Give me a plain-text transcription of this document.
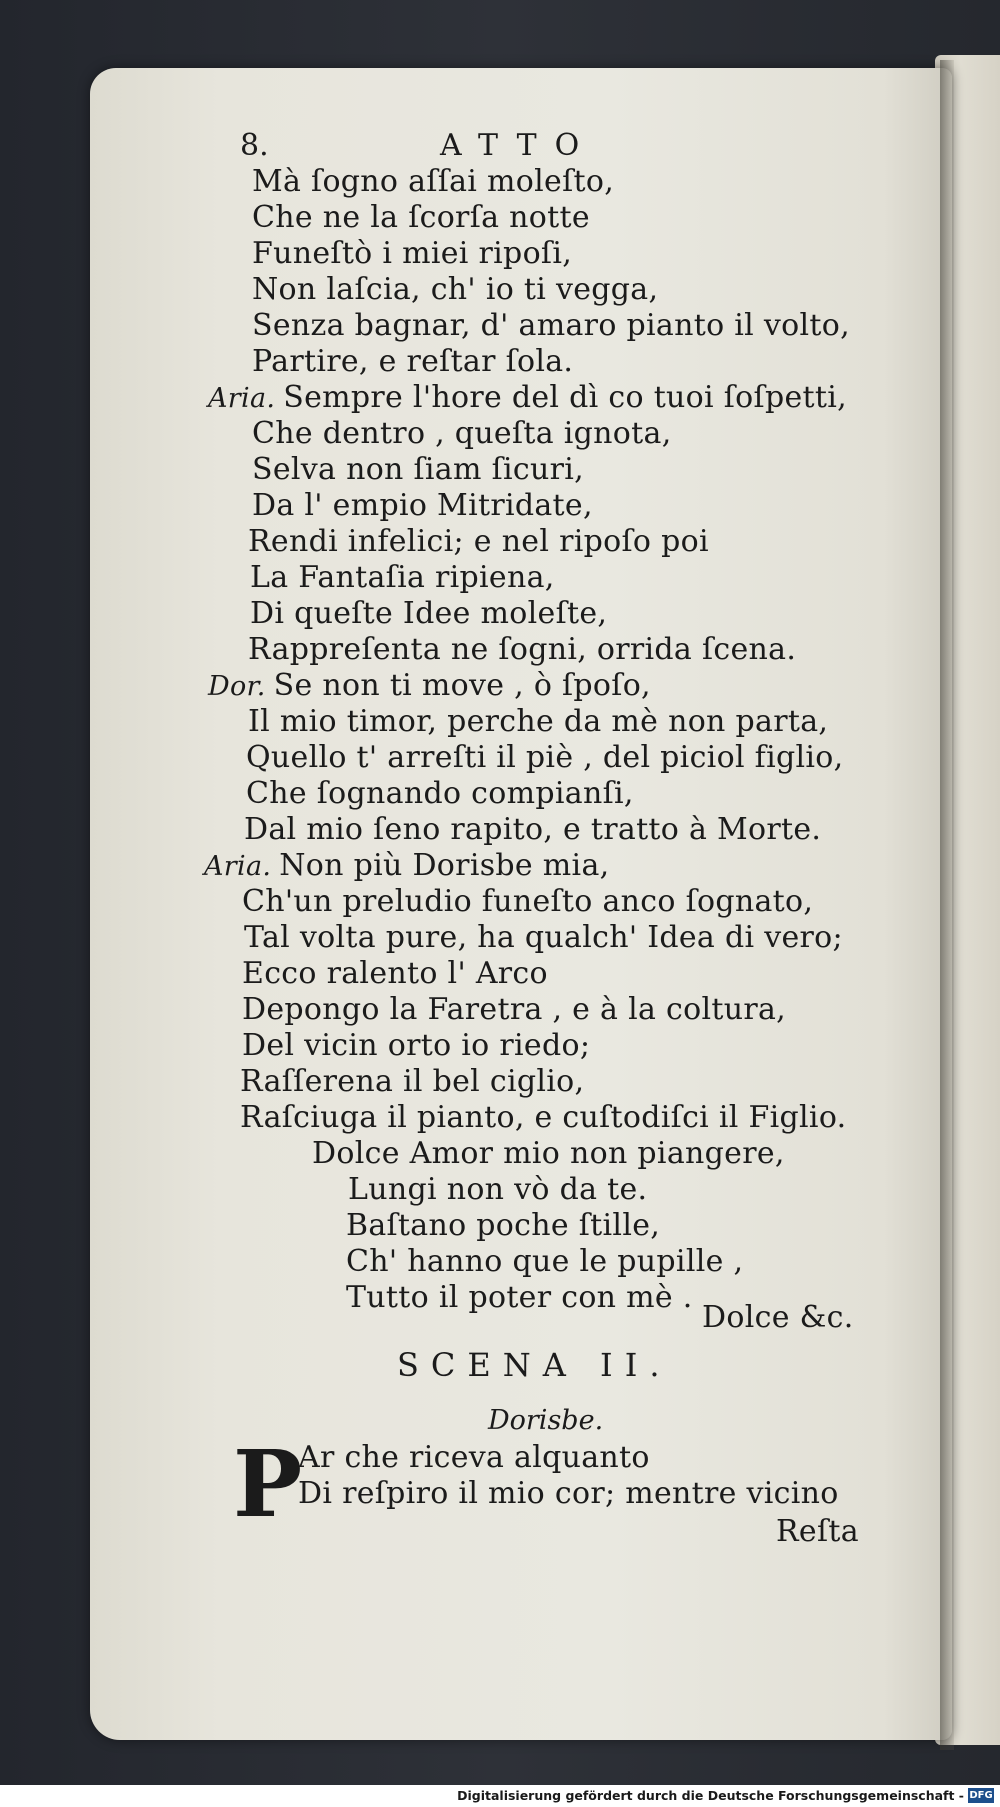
8.	ATTO
Mà ſogno aſſai moleſto,
Che ne la ſcorſa notte
Funeſtò i miei ripoſi,
Non laſcia, ch' io ti vegga,
Senza bagnar, d' amaro pianto il volto,
Partire, e reſtar ſola.
Aria. Sempre l'hore del dì co tuoi ſoſpetti,
Che dentro , queſta ignota,
Selva non ſiam ſicuri,
Da l' empio Mitridate,
Rendi infelici; e nel ripoſo poi
La Fantaſia ripiena,
Di queſte Idee moleſte,
Rappreſenta ne ſogni, orrida ſcena.
Dor. Se non ti move , ò ſpoſo,
Il mio timor, perche da mè non parta,
Quello t' arreſti il piè , del piciol figlio,
Che ſognando compianſi,
Dal mio ſeno rapito, e tratto à Morte.
Aria. Non più Dorisbe mia,
Ch'un preludio funeſto anco ſognato,
Tal volta pure, ha qualch' Idea di vero;
Ecco ralento l' Arco
Depongo la Faretra , e à la coltura,
Del vicin orto io riedo;
Raſſerena il bel ciglio,
Raſciuga il pianto, e cuſtodiſci il Figlio.
Dolce Amor mio non piangere,
Lungi non vò da te.
Baſtano poche ſtille,
Ch' hanno que le pupille ,
Tutto il poter con mè .
Dolce &c.
SCENA II.
Dorisbe.
P
Ar che riceva alquanto
Di reſpiro il mio cor; mentre vicino
Reſta
Digitalisierung gefördert durch die Deutsche Forschungsgemeinschaft - DFG
